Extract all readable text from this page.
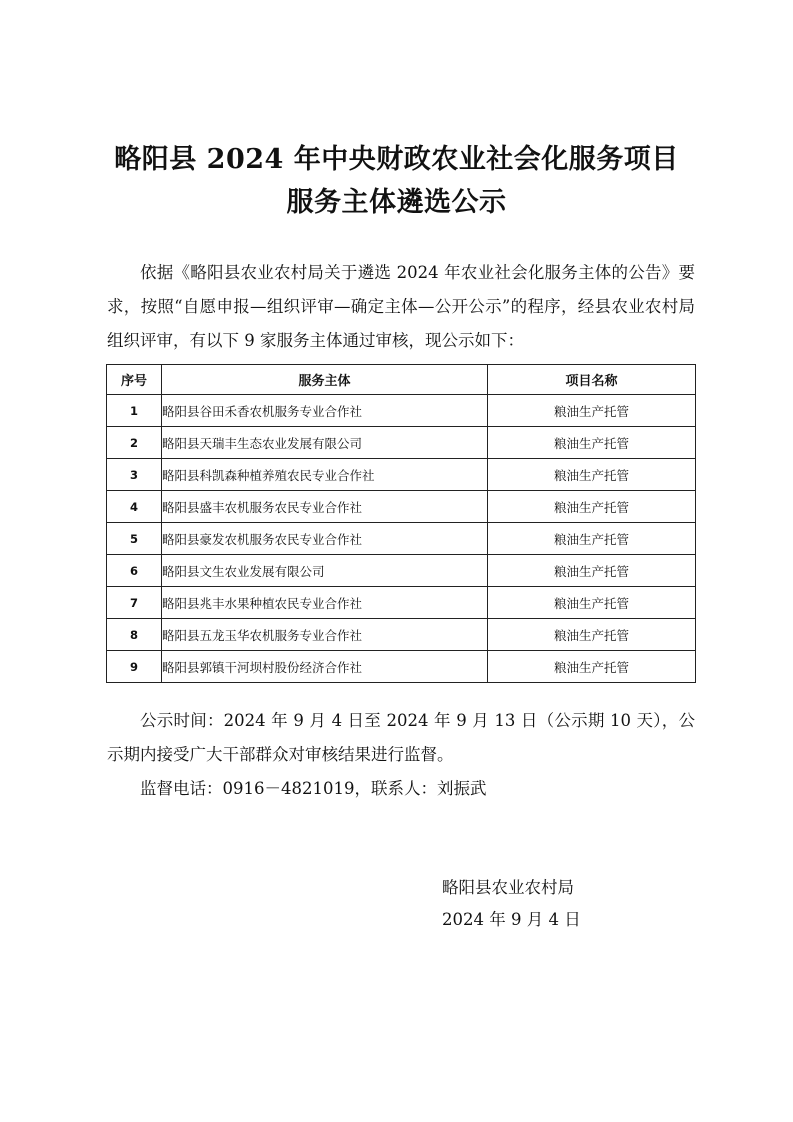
略阳县 2024 年中央财政农业社会化服务项目
服务主体遴选公示
依据《略阳县农业农村局关于遴选 2024 年农业社会化服务主体的公告》要求，按照“自愿申报—组织评审—确定主体—公开公示”的程序，经县农业农村局组织评审，有以下 9 家服务主体通过审核，现公示如下：
序号	服务主体	项目名称
1	略阳县谷田禾香农机服务专业合作社	粮油生产托管
2	略阳县天瑞丰生态农业发展有限公司	粮油生产托管
3	略阳县科凯森种植养殖农民专业合作社	粮油生产托管
4	略阳县盛丰农机服务农民专业合作社	粮油生产托管
5	略阳县豪发农机服务农民专业合作社	粮油生产托管
6	略阳县文生农业发展有限公司	粮油生产托管
7	略阳县兆丰水果种植农民专业合作社	粮油生产托管
8	略阳县五龙玉华农机服务专业合作社	粮油生产托管
9	略阳县郭镇干河坝村股份经济合作社	粮油生产托管
公示时间：2024 年 9 月 4 日至 2024 年 9 月 13 日（公示期 10 天），公示期内接受广大干部群众对审核结果进行监督。
监督电话：0916－4821019，联系人：刘振武
略阳县农业农村局
2024 年 9 月 4 日
